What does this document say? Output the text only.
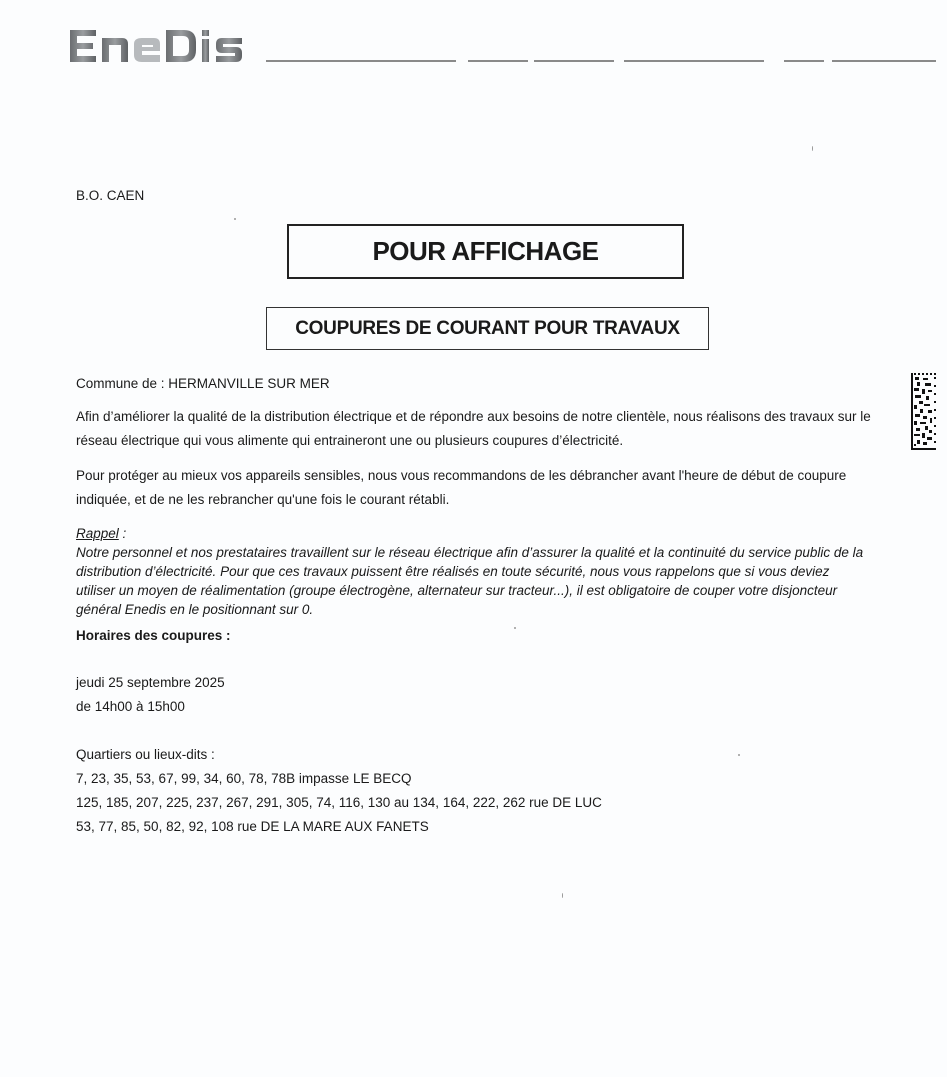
B.O. CAEN
POUR AFFICHAGE
COUPURES DE COURANT POUR TRAVAUX
Commune de : HERMANVILLE SUR MER
Afin d’améliorer la qualité de la distribution électrique et de répondre aux besoins de notre clientèle, nous réalisons des travaux sur le réseau électrique qui vous alimente qui entraineront une ou plusieurs coupures d’électricité.
Pour protéger au mieux vos appareils sensibles, nous vous recommandons de les débrancher avant l'heure de début de coupure indiquée, et de ne les rebrancher qu'une fois le courant rétabli.
Rappel :
Notre personnel et nos prestataires travaillent sur le réseau électrique afin d’assurer la qualité et la continuité du service public de la distribution d’électricité. Pour que ces travaux puissent être réalisés en toute sécurité, nous vous rappelons que si vous deviez utiliser un moyen de réalimentation (groupe électrogène, alternateur sur tracteur...), il est obligatoire de couper votre disjoncteur général Enedis en le positionnant sur 0.
Horaires des coupures :
jeudi 25 septembre 2025
de 14h00 à 15h00
Quartiers ou lieux-dits :
7, 23, 35, 53, 67, 99, 34, 60, 78, 78B impasse LE BECQ
125, 185, 207, 225, 237, 267, 291, 305, 74, 116, 130 au 134, 164, 222, 262 rue DE LUC
53, 77, 85, 50, 82, 92, 108 rue DE LA MARE AUX FANETS
